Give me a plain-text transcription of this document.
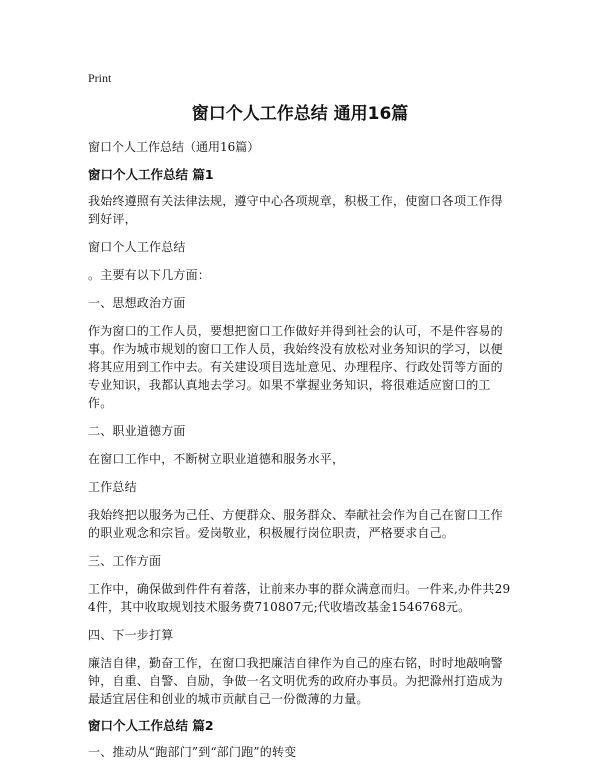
Print
窗口个人工作总结 通用16篇

窗口个人工作总结（通用16篇）

窗口个人工作总结 篇1

我始终遵照有关法律法规，遵守中心各项规章，积极工作，使窗口各项工作得到好评，

窗口个人工作总结

。主要有以下几方面：

一、思想政治方面

作为窗口的工作人员，要想把窗口工作做好并得到社会的认可，不是件容易的事。作为城市规划的窗口工作人员，我始终没有放松对业务知识的学习，以便将其应用到工作中去。有关建设项目选址意见、办理程序、行政处罚等方面的专业知识，我都认真地去学习。如果不掌握业务知识，将很难适应窗口的工作。

二、职业道德方面

在窗口工作中，不断树立职业道德和服务水平，

工作总结

我始终把以服务为己任、方便群众、服务群众、奉献社会作为自己在窗口工作的职业观念和宗旨。爱岗敬业，积极履行岗位职责，严格要求自己。

三、工作方面

工作中，确保做到件件有着落，让前来办事的群众满意而归。一件来,办件共294件，其中收取规划技术服务费710807元;代收墙改基金1546768元。

四、下一步打算

廉洁自律，勤奋工作，在窗口我把廉洁自律作为自己的座右铭，时时地敲响警钟，自重、自警、自励，争做一名文明优秀的政府办事员。为把滁州打造成为最适宜居住和创业的城市贡献自己一份微薄的力量。

窗口个人工作总结 篇2

一、推动从“跑部门”到“部门跑”的转变
